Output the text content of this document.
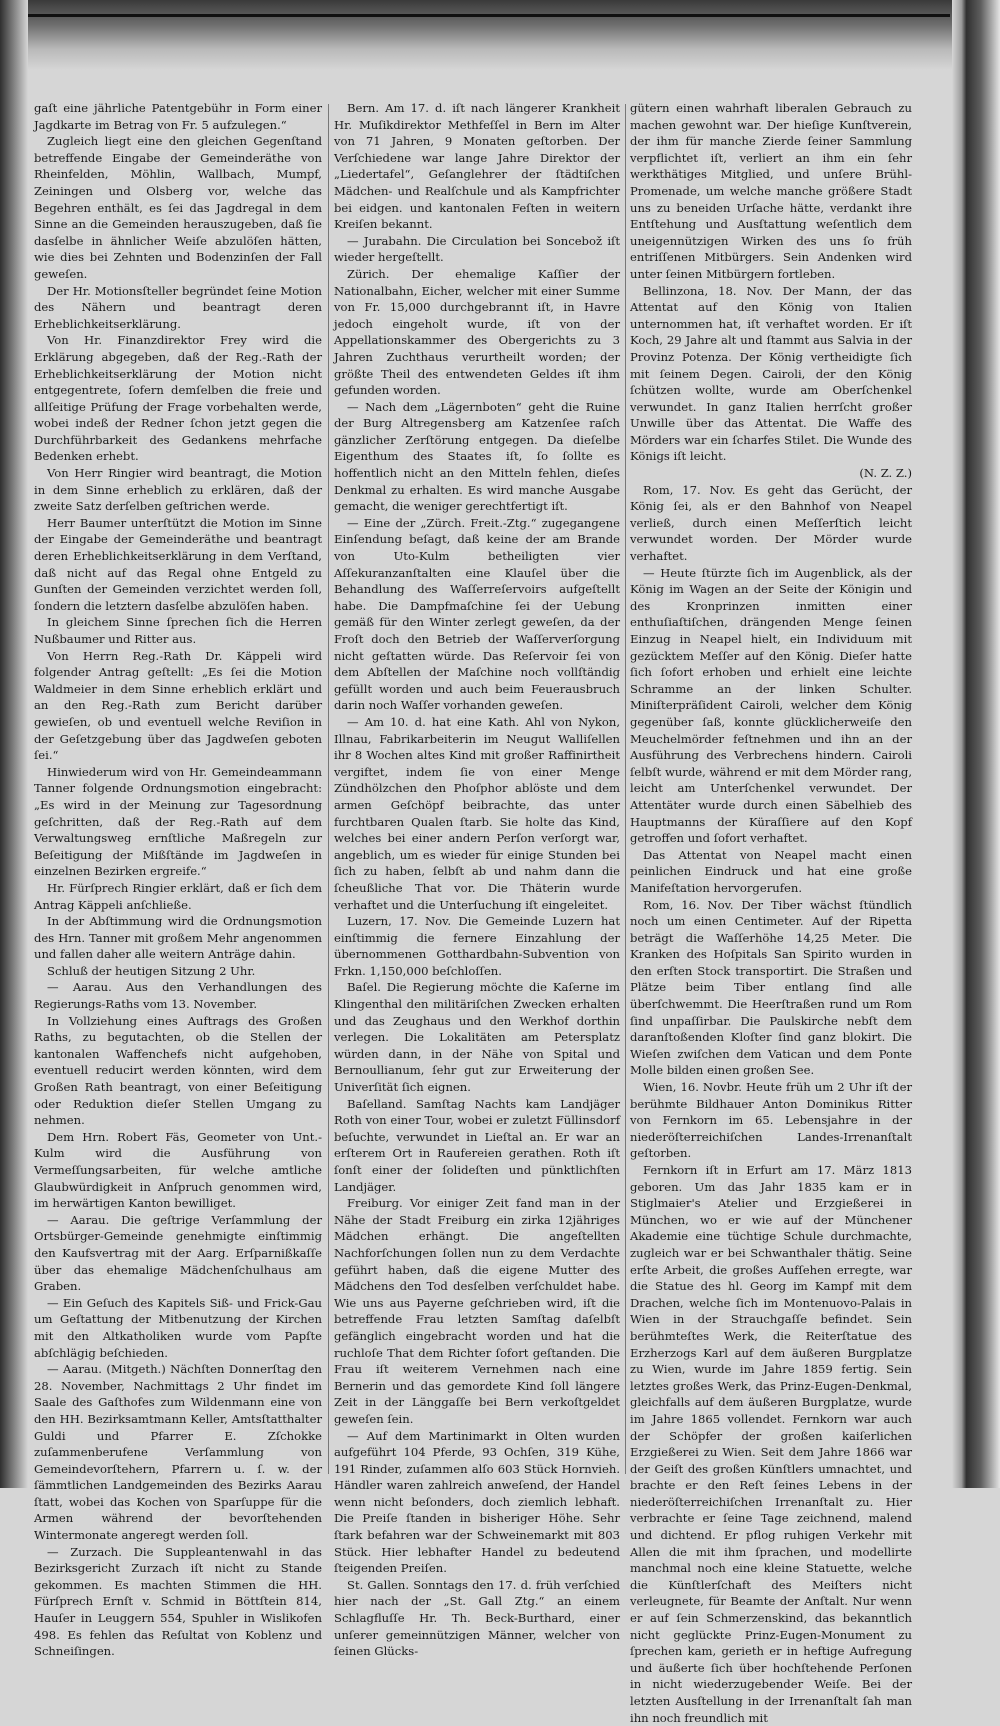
gaſt eine jährliche Patentgebühr in Form einer Jagdkarte im Betrag von Fr. 5 aufzulegen.“

Zugleich liegt eine den gleichen Gegenſtand betreffende Eingabe der Gemeinderäthe von Rheinfelden, Möhlin, Wallbach, Mumpf, Zeiningen und Olsberg vor, welche das Begehren enthält, es ſei das Jagdregal in dem Sinne an die Gemeinden herauszugeben, daß ſie dasſelbe in ähnlicher Weiſe abzulöſen hätten, wie dies bei Zehnten und Bodenzinſen der Fall geweſen.

Der Hr. Motionsſteller begründet ſeine Motion des Nähern und beantragt deren Erheblichkeitserklärung.

Von Hr. Finanzdirektor Frey wird die Erklärung abgegeben, daß der Reg.-Rath der Erheblichkeitserklärung der Motion nicht entgegentrete, ſofern demſelben die freie und allſeitige Prüfung der Frage vorbehalten werde, wobei indeß der Redner ſchon jetzt gegen die Durchführbarkeit des Gedankens mehrfache Bedenken erhebt.

Von Herr Ringier wird beantragt, die Motion in dem Sinne erheblich zu erklären, daß der zweite Satz derſelben geſtrichen werde.

Herr Baumer unterſtützt die Motion im Sinne der Eingabe der Gemeinderäthe und beantragt deren Erheblichkeitserklärung in dem Verſtand, daß nicht auf das Regal ohne Entgeld zu Gunſten der Gemeinden verzichtet werden ſoll, ſondern die letztern dasſelbe abzulöſen haben.

In gleichem Sinne ſprechen ſich die Herren Nußbaumer und Ritter aus.

Von Herrn Reg.-Rath Dr. Käppeli wird folgender Antrag geſtellt: „Es ſei die Motion Waldmeier in dem Sinne erheblich erklärt und an den Reg.-Rath zum Bericht darüber gewieſen, ob und eventuell welche Reviſion in der Geſetzgebung über das Jagdweſen geboten ſei.“

Hinwiederum wird von Hr. Gemeindeammann Tanner folgende Ordnungsmotion eingebracht: „Es wird in der Meinung zur Tagesordnung geſchritten, daß der Reg.-Rath auf dem Verwaltungsweg ernſtliche Maßregeln zur Beſeitigung der Mißſtände im Jagdweſen in einzelnen Bezirken ergreife.“

Hr. Fürſprech Ringier erklärt, daß er ſich dem Antrag Käppeli anſchließe.

In der Abſtimmung wird die Ordnungsmotion des Hrn. Tanner mit großem Mehr angenommen und fallen daher alle weitern Anträge dahin.

Schluß der heutigen Sitzung 2 Uhr.

— Aarau. Aus den Verhandlungen des Regierungs-Raths vom 13. November.

In Vollziehung eines Auftrags des Großen Raths, zu begutachten, ob die Stellen der kantonalen Waffenchefs nicht aufgehoben, eventuell reducirt werden könnten, wird dem Großen Rath beantragt, von einer Beſeitigung oder Reduktion dieſer Stellen Umgang zu nehmen.

Dem Hrn. Robert Fäs, Geometer von Unt.-Kulm wird die Ausführung von Vermeſſungsarbeiten, für welche amtliche Glaubwürdigkeit in Anſpruch genommen wird, im herwärtigen Kanton bewilliget.

— Aarau. Die geſtrige Verſammlung der Ortsbürger-Gemeinde genehmigte einſtimmig den Kaufsvertrag mit der Aarg. Erſparnißkaſſe über das ehemalige Mädchenſchulhaus am Graben.

— Ein Geſuch des Kapitels Siß- und Frick-Gau um Geſtattung der Mitbenutzung der Kirchen mit den Altkatholiken wurde vom Papſte abſchlägig beſchieden.

— Aarau. (Mitgeth.) Nächſten Donnerſtag den 28. November, Nachmittags 2 Uhr findet im Saale des Gaſthofes zum Wildenmann eine von den HH. Bezirksamtmann Keller, Amtsſtatthalter Guldi und Pfarrer E. Zſchokke zuſammenberufene Verſammlung von Gemeindevorſtehern, Pfarrern u. ſ. w. der ſämmtlichen Landgemeinden des Bezirks Aarau ſtatt, wobei das Kochen von Sparſuppe für die Armen während der bevorſtehenden Wintermonate angeregt werden ſoll.

— Zurzach. Die Suppleantenwahl in das Bezirksgericht Zurzach iſt nicht zu Stande gekommen. Es machten Stimmen die HH. Fürſprech Ernſt v. Schmid in Böttſtein 814, Hauſer in Leuggern 554, Spuhler in Wislikofen 498. Es fehlen das Reſultat von Koblenz und Schneiſingen.

Bern. Am 17. d. iſt nach längerer Krankheit Hr. Muſikdirektor Methfeſſel in Bern im Alter von 71 Jahren, 9 Monaten geſtorben. Der Verſchiedene war lange Jahre Direktor der „Liedertafel“, Geſanglehrer der ſtädtiſchen Mädchen- und Realſchule und als Kampfrichter bei eidgen. und kantonalen Feſten in weitern Kreiſen bekannt.

— Jurabahn. Die Circulation bei Soncebož iſt wieder hergeſtellt.

Zürich. Der ehemalige Kaſſier der Nationalbahn, Eicher, welcher mit einer Summe von Fr. 15,000 durchgebrannt iſt, in Havre jedoch eingeholt wurde, iſt von der Appellationskammer des Obergerichts zu 3 Jahren Zuchthaus verurtheilt worden; der größte Theil des entwendeten Geldes iſt ihm gefunden worden.

— Nach dem „Lägernboten“ geht die Ruine der Burg Altregensberg am Katzenſee raſch gänzlicher Zerſtörung entgegen. Da dieſelbe Eigenthum des Staates iſt, ſo ſollte es hoffentlich nicht an den Mitteln fehlen, dieſes Denkmal zu erhalten. Es wird manche Ausgabe gemacht, die weniger gerechtfertigt iſt.

— Eine der „Zürch. Freit.-Ztg.“ zugegangene Einſendung beſagt, daß keine der am Brande von Uto-Kulm betheiligten vier Aſſekuranzanſtalten eine Klauſel über die Behandlung des Waſſerreſervoirs aufgeſtellt habe. Die Dampfmaſchine ſei der Uebung gemäß für den Winter zerlegt geweſen, da der Froſt doch den Betrieb der Waſſerverſorgung nicht geſtatten würde. Das Reſervoir ſei von dem Abſtellen der Maſchine noch vollſtändig gefüllt worden und auch beim Feuerausbruch darin noch Waſſer vorhanden geweſen.

— Am 10. d. hat eine Kath. Ahl von Nykon, Illnau, Fabrikarbeiterin im Neugut Walliſellen ihr 8 Wochen altes Kind mit großer Raffinirtheit vergiftet, indem ſie von einer Menge Zündhölzchen den Phoſphor ablöste und dem armen Geſchöpf beibrachte, das unter furchtbaren Qualen ſtarb. Sie holte das Kind, welches bei einer andern Perſon verſorgt war, angeblich, um es wieder für einige Stunden bei ſich zu haben, ſelbſt ab und nahm dann die ſcheußliche That vor. Die Thäterin wurde verhaftet und die Unterſuchung iſt eingeleitet.

Luzern, 17. Nov. Die Gemeinde Luzern hat einſtimmig die fernere Einzahlung der übernommenen Gotthardbahn-Subvention von Frkn. 1,150,000 beſchloſſen.

Baſel. Die Regierung möchte die Kaſerne im Klingenthal den militäriſchen Zwecken erhalten und das Zeughaus und den Werkhof dorthin verlegen. Die Lokalitäten am Petersplatz würden dann, in der Nähe von Spital und Bernoullianum, ſehr gut zur Erweiterung der Univerſität ſich eignen.

Baſelland. Samſtag Nachts kam Landjäger Roth von einer Tour, wobei er zuletzt Füllinsdorf beſuchte, verwundet in Lieſtal an. Er war an erſterem Ort in Raufereien gerathen. Roth iſt ſonſt einer der ſolideſten und pünktlichſten Landjäger.

Freiburg. Vor einiger Zeit fand man in der Nähe der Stadt Freiburg ein zirka 12jähriges Mädchen erhängt. Die angeſtellten Nachforſchungen ſollen nun zu dem Verdachte geführt haben, daß die eigene Mutter des Mädchens den Tod desſelben verſchuldet habe. Wie uns aus Payerne geſchrieben wird, iſt die betreffende Frau letzten Samſtag daſelbſt gefänglich eingebracht worden und hat die ruchloſe That dem Richter ſofort geſtanden. Die Frau iſt weiterem Vernehmen nach eine Bernerin und das gemordete Kind ſoll längere Zeit in der Länggaſſe bei Bern verkoſtgeldet geweſen ſein.

— Auf dem Martinimarkt in Olten wurden aufgeführt 104 Pferde, 93 Ochſen, 319 Kühe, 191 Rinder, zuſammen alſo 603 Stück Hornvieh. Händler waren zahlreich anweſend, der Handel wenn nicht beſonders, doch ziemlich lebhaft. Die Preiſe ſtanden in bisheriger Höhe. Sehr ſtark befahren war der Schweinemarkt mit 803 Stück. Hier lebhafter Handel zu bedeutend ſteigenden Preiſen.

St. Gallen. Sonntags den 17. d. früh verſchied hier nach der „St. Gall Ztg.“ an einem Schlagfluſſe Hr. Th. Beck-Burthard, einer unſerer gemeinnützigen Männer, welcher von ſeinen Glücks-

gütern einen wahrhaft liberalen Gebrauch zu machen gewohnt war. Der hieſige Kunſtverein, der ihm für manche Zierde ſeiner Sammlung verpflichtet iſt, verliert an ihm ein ſehr werkthätiges Mitglied, und unſere Brühl-Promenade, um welche manche größere Stadt uns zu beneiden Urſache hätte, verdankt ihre Entſtehung und Ausſtattung weſentlich dem uneigennützigen Wirken des uns ſo früh entriſſenen Mitbürgers. Sein Andenken wird unter ſeinen Mitbürgern fortleben.

Bellinzona, 18. Nov. Der Mann, der das Attentat auf den König von Italien unternommen hat, iſt verhaftet worden. Er iſt Koch, 29 Jahre alt und ſtammt aus Salvia in der Provinz Potenza. Der König vertheidigte ſich mit ſeinem Degen. Cairoli, der den König ſchützen wollte, wurde am Oberſchenkel verwundet. In ganz Italien herrſcht großer Unwille über das Attentat. Die Waffe des Mörders war ein ſcharfes Stilet. Die Wunde des Königs iſt leicht.

(N. Z. Z.)

Rom, 17. Nov. Es geht das Gerücht, der König ſei, als er den Bahnhof von Neapel verließ, durch einen Meſſerſtich leicht verwundet worden. Der Mörder wurde verhaftet.

— Heute ſtürzte ſich im Augenblick, als der König im Wagen an der Seite der Königin und des Kronprinzen inmitten einer enthuſiaſtiſchen, drängenden Menge ſeinen Einzug in Neapel hielt, ein Individuum mit gezücktem Meſſer auf den König. Dieſer hatte ſich ſofort erhoben und erhielt eine leichte Schramme an der linken Schulter. Miniſterpräſident Cairoli, welcher dem König gegenüber ſaß, konnte glücklicherweiſe den Meuchelmörder feſtnehmen und ihn an der Ausführung des Verbrechens hindern. Cairoli ſelbſt wurde, während er mit dem Mörder rang, leicht am Unterſchenkel verwundet. Der Attentäter wurde durch einen Säbelhieb des Hauptmanns der Küraſſiere auf den Kopf getroffen und ſofort verhaftet.

Das Attentat von Neapel macht einen peinlichen Eindruck und hat eine große Manifeſtation hervorgerufen.

Rom, 16. Nov. Der Tiber wächst ſtündlich noch um einen Centimeter. Auf der Ripetta beträgt die Waſſerhöhe 14,25 Meter. Die Kranken des Hoſpitals San Spirito wurden in den erſten Stock transportirt. Die Straßen und Plätze beim Tiber entlang ſind alle überſchwemmt. Die Heerſtraßen rund um Rom ſind unpaſſirbar. Die Paulskirche nebſt dem daranſtoßenden Kloſter ſind ganz blokirt. Die Wieſen zwiſchen dem Vatican und dem Ponte Molle bilden einen großen See.

Wien, 16. Novbr. Heute früh um 2 Uhr iſt der berühmte Bildhauer Anton Dominikus Ritter von Fernkorn im 65. Lebensjahre in der niederöſterreichiſchen Landes-Irrenanſtalt geſtorben.

Fernkorn iſt in Erfurt am 17. März 1813 geboren. Um das Jahr 1835 kam er in Stiglmaier's Atelier und Erzgießerei in München, wo er wie auf der Münchener Akademie eine tüchtige Schule durchmachte, zugleich war er bei Schwanthaler thätig. Seine erſte Arbeit, die großes Aufſehen erregte, war die Statue des hl. Georg im Kampf mit dem Drachen, welche ſich im Montenuovo-Palais in Wien in der Strauchgaſſe befindet. Sein berühmteſtes Werk, die Reiterſtatue des Erzherzogs Karl auf dem äußeren Burgplatze zu Wien, wurde im Jahre 1859 fertig. Sein letztes großes Werk, das Prinz-Eugen-Denkmal, gleichfalls auf dem äußeren Burgplatze, wurde im Jahre 1865 vollendet. Fernkorn war auch der Schöpfer der großen kaiſerlichen Erzgießerei zu Wien. Seit dem Jahre 1866 war der Geiſt des großen Künſtlers umnachtet, und brachte er den Reſt ſeines Lebens in der niederöſterreichiſchen Irrenanſtalt zu. Hier verbrachte er ſeine Tage zeichnend, malend und dichtend. Er pflog ruhigen Verkehr mit Allen die mit ihm ſprachen, und modellirte manchmal noch eine kleine Statuette, welche die Künſtlerſchaft des Meiſters nicht verleugnete, für Beamte der Anſtalt. Nur wenn er auf ſein Schmerzenskind, das bekanntlich nicht geglückte Prinz-Eugen-Monument zu ſprechen kam, gerieth er in heftige Aufregung und äußerte ſich über hochſtehende Perſonen in nicht wiederzugebender Weiſe. Bei der letzten Ausſtellung in der Irrenanſtalt ſah man ihn noch freundlich mit
